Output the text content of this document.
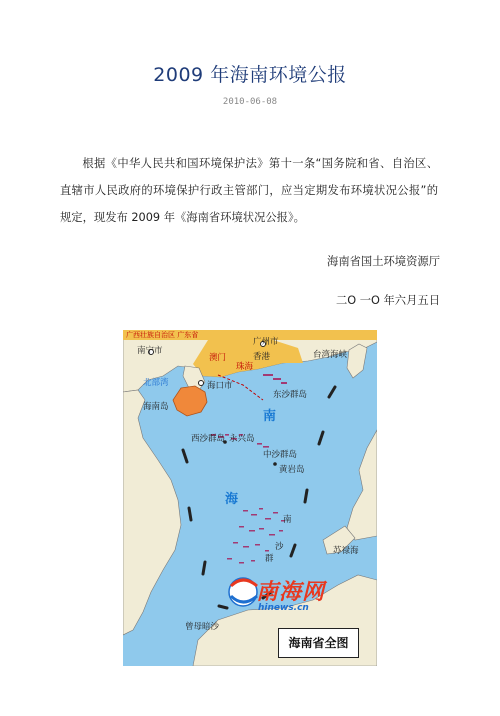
2009 年海南环境公报
2010-06-08
根据《中华人民共和国环境保护法》第十一条“国务院和省、自治区、直辖市人民政府的环境保护行政主管部门，应当定期发布环境状况公报”的规定，现发布 2009 年《海南省环境状况公报》。
海南省国土环境资源厅
二O 一O 年六月五日
广西壮族自治区 广东省
南宁市
广州市
澳门
珠海
香港	台湾海峡
北部湾	海口市
海南岛
东沙群岛
西沙群岛 永兴岛
中沙群岛
黄岩岛
南
海
南
沙
群
苏禄海
曾母暗沙
南海网
hinews.cn
海南省全图
